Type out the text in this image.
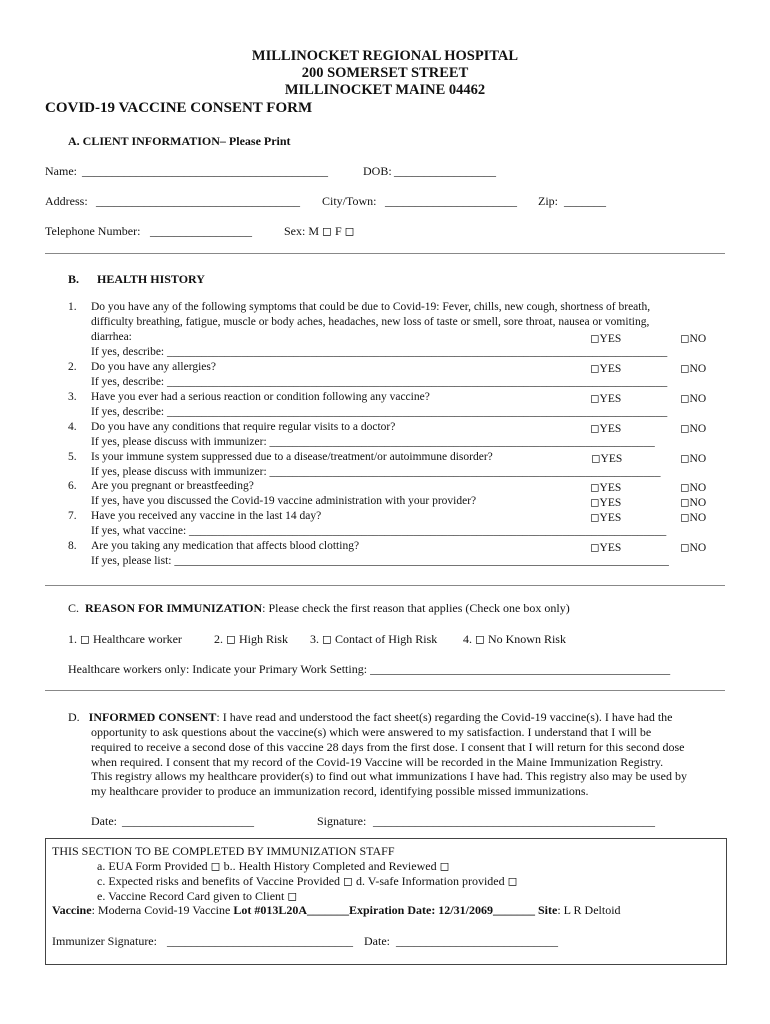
MILLINOCKET REGIONAL HOSPITAL
200 SOMERSET STREET
MILLINOCKET MAINE 04462
COVID-19 VACCINE CONSENT FORM
A. CLIENT INFORMATION– Please Print
Name: _________________________________________	DOB: _________________
Address: __________________________________ City/Town: ______________________ Zip: _______
Telephone Number: _________________	Sex: M ◻ F ◻
B. HEALTH HISTORY
1. Do you have any of the following symptoms that could be due to Covid-19: Fever, chills, new cough, shortness of breath,
difficulty breathing, fatigue, muscle or body aches, headaches, new loss of taste or smell, sore throat, nausea or vomiting,
diarrhea:	◻YES	◻NO
If yes, describe: _______________________________________________________________________________________
2. Do you have any allergies?	◻YES	◻NO
If yes, describe: _______________________________________________________________________________________
3. Have you ever had a serious reaction or condition following any vaccine?	◻YES	◻NO
If yes, describe: _______________________________________________________________________________________
4. Do you have any conditions that require regular visits to a doctor?	◻YES	◻NO
If yes, please discuss with immunizer: ___________________________________________________________________
5. Is your immune system suppressed due to a disease/treatment/or autoimmune disorder?	◻YES	◻NO
If yes, please discuss with immunizer: ____________________________________________________________________
6. Are you pregnant or breastfeeding?	◻YES	◻NO
If yes, have you discussed the Covid-19 vaccine administration with your provider?	◻YES	◻NO
7. Have you received any vaccine in the last 14 day?	◻YES	◻NO
If yes, what vaccine: ___________________________________________________________________________________
8. Are you taking any medication that affects blood clotting?	◻YES	◻NO
If yes, please list: ______________________________________________________________________________________
C. REASON FOR IMMUNIZATION: Please check the first reason that applies (Check one box only)
1. ◻ Healthcare worker	2. ◻ High Risk 3. ◻ Contact of High Risk 4. ◻ No Known Risk
Healthcare workers only: Indicate your Primary Work Setting: __________________________________________________
D. INFORMED CONSENT: I have read and understood the fact sheet(s) regarding the Covid-19 vaccine(s). I have had the
opportunity to ask questions about the vaccine(s) which were answered to my satisfaction. I understand that I will be
required to receive a second dose of this vaccine 28 days from the first dose. I consent that I will return for this second dose
when required. I consent that my record of the Covid-19 Vaccine will be recorded in the Maine Immunization Registry.
This registry allows my healthcare provider(s) to find out what immunizations I have had. This registry also may be used by
my healthcare provider to produce an immunization record, identifying possible missed immunizations.
Date: ______________________	Signature: _______________________________________________
THIS SECTION TO BE COMPLETED BY IMMUNIZATION STAFF
a. EUA Form Provided ◻ b.. Health History Completed and Reviewed ◻
c. Expected risks and benefits of Vaccine Provided ◻ d. V-safe Information provided ◻
e. Vaccine Record Card given to Client ◻
Vaccine: Moderna Covid-19 Vaccine Lot #013L20A_______Expiration Date: 12/31/2069_______ Site: L R Deltoid
Immunizer Signature: _______________________________ Date: ___________________________
